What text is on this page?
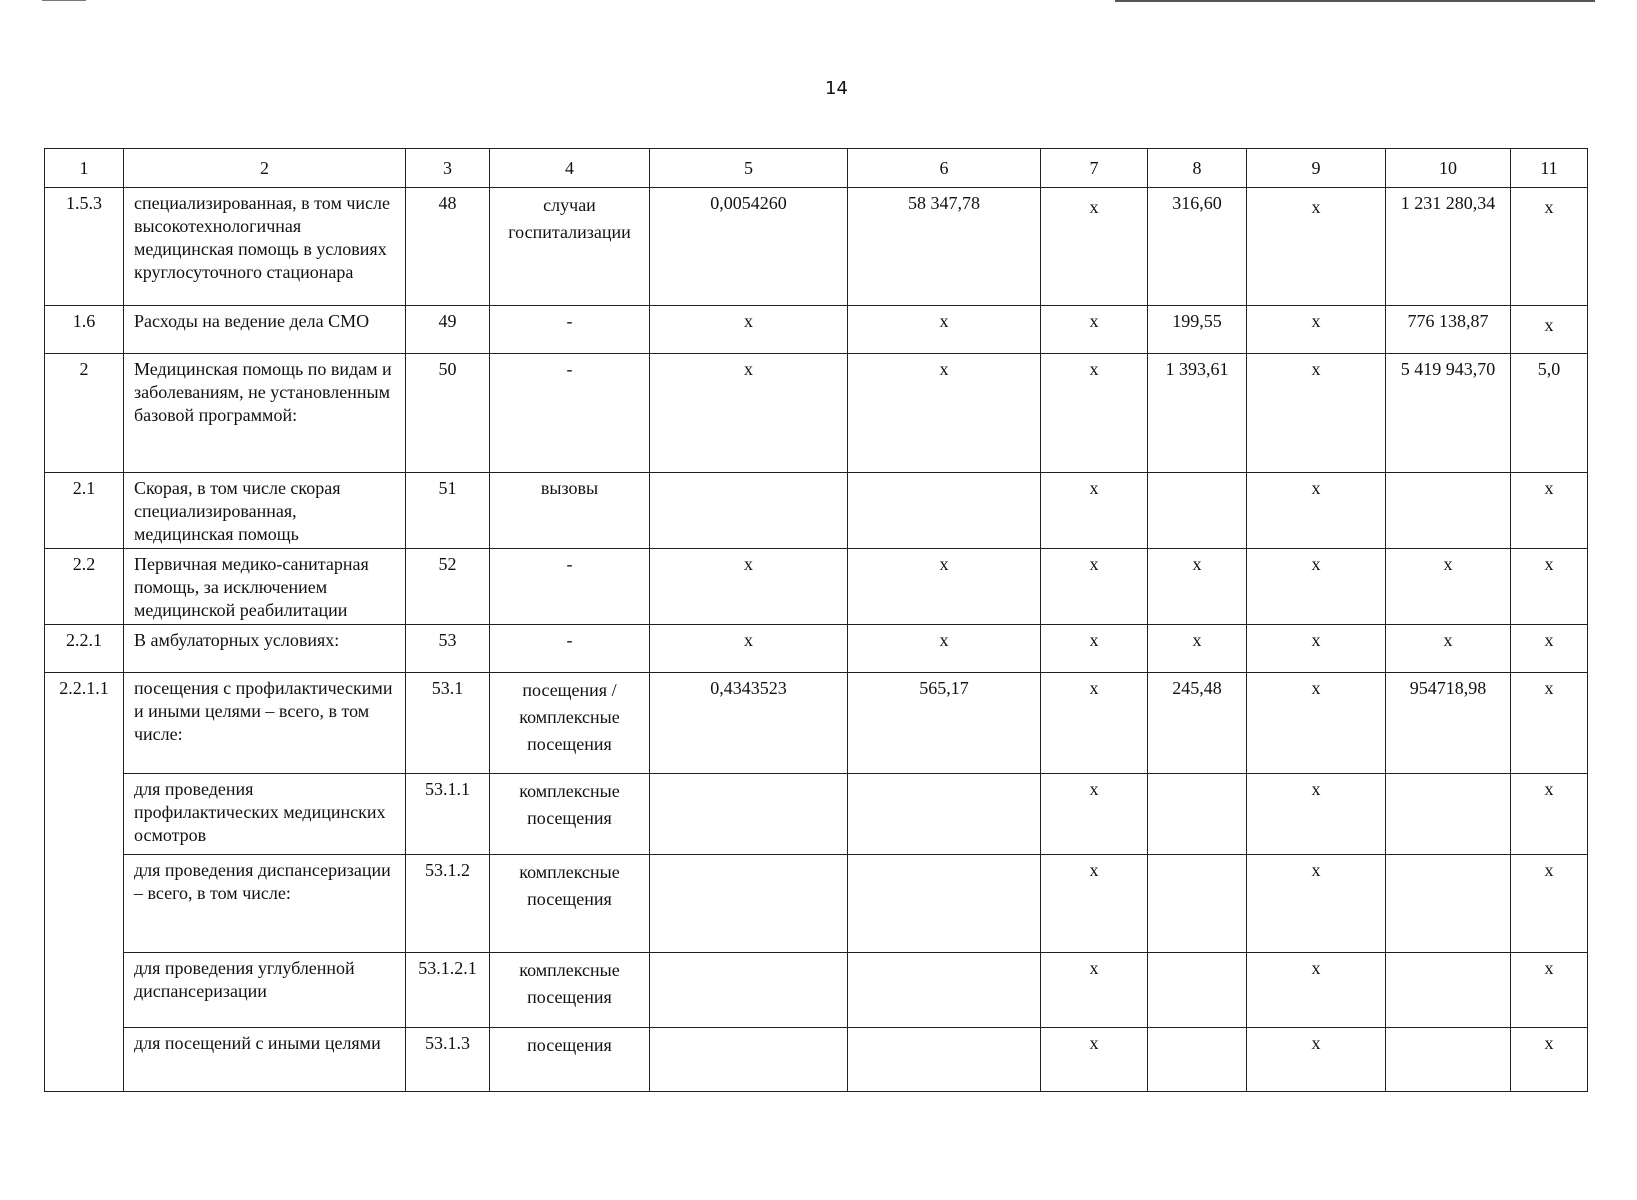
14
1	2	3	4	5	6	7	8	9	10	11
1.5.3	специализированная, в том числе высокотехнологичная медицинская помощь в условиях круглосуточного стационара	48	случаи госпитализации	0,0054260	58 347,78	х	316,60	х	1 231 280,34	х
1.6	Расходы на ведение дела СМО	49	-	х	х	х	199,55	х	776 138,87	х
2	Медицинская помощь по видам и заболеваниям, не установленным базовой программой:	50	-	х	х	х	1 393,61	х	5 419 943,70	5,0
2.1	Скорая, в том числе скорая специализированная, медицинская помощь	51	вызовы			х		х		х
2.2	Первичная медико-санитарная помощь, за исключением медицинской реабилитации	52	-	х	х	х	х	х	х	х
2.2.1	В амбулаторных условиях:	53	-	х	х	х	х	х	х	х
2.2.1.1	посещения с профилактическими и иными целями – всего, в том числе:	53.1	посещения / комплексные посещения	0,4343523	565,17	х	245,48	х	954718,98	х
	для проведения профилактических медицинских осмотров	53.1.1	комплексные посещения			х		х		х
	для проведения диспансеризации – всего, в том числе:	53.1.2	комплексные посещения			х		х		х
	для проведения углубленной диспансеризации	53.1.2.1	комплексные посещения			х		х		х
	для посещений с иными целями	53.1.3	посещения			х		х		х
